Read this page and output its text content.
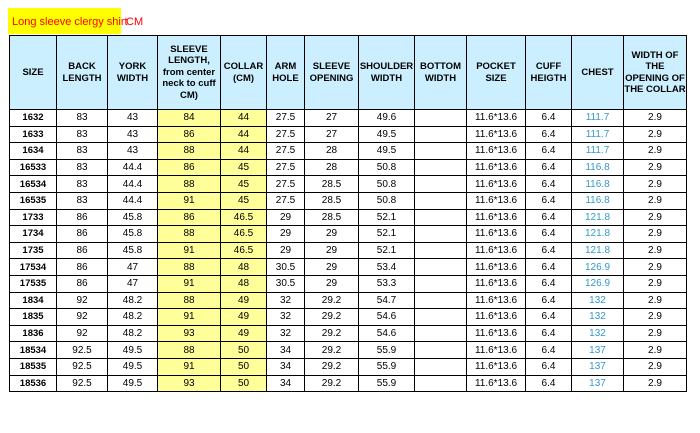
Long sleeve clergy shirt
CM
SIZE	BACK LENGTH	YORK WIDTH	SLEEVE LENGTH, from center neck to cuff CM)	COLLAR (CM)	ARM HOLE	SLEEVE OPENING	SHOULDER WIDTH	BOTTOM WIDTH	POCKET SIZE	CUFF HEIGTH	CHEST	WIDTH OF THE OPENING OF THE COLLAR
1632	83	43	84	44	27.5	27	49.6		11.6*13.6	6.4	111.7	2.9
1633	83	43	86	44	27.5	27	49.5		11.6*13.6	6.4	111.7	2.9
1634	83	43	88	44	27.5	28	49.5		11.6*13.6	6.4	111.7	2.9
16533	83	44.4	86	45	27.5	28	50.8		11.6*13.6	6.4	116.8	2.9
16534	83	44.4	88	45	27.5	28.5	50.8		11.6*13.6	6.4	116.8	2.9
16535	83	44.4	91	45	27.5	28.5	50.8		11.6*13.6	6.4	116.8	2.9
1733	86	45.8	86	46.5	29	28.5	52.1		11.6*13.6	6.4	121.8	2.9
1734	86	45.8	88	46.5	29	29	52.1		11.6*13.6	6.4	121.8	2.9
1735	86	45.8	91	46.5	29	29	52.1		11.6*13.6	6.4	121.8	2.9
17534	86	47	88	48	30.5	29	53.4		11.6*13.6	6.4	126.9	2.9
17535	86	47	91	48	30.5	29	53.3		11.6*13.6	6.4	126.9	2.9
1834	92	48.2	88	49	32	29.2	54.7		11.6*13.6	6.4	132	2.9
1835	92	48.2	91	49	32	29.2	54.6		11.6*13.6	6.4	132	2.9
1836	92	48.2	93	49	32	29.2	54.6		11.6*13.6	6.4	132	2.9
18534	92.5	49.5	88	50	34	29.2	55.9		11.6*13.6	6.4	137	2.9
18535	92.5	49.5	91	50	34	29.2	55.9		11.6*13.6	6.4	137	2.9
18536	92.5	49.5	93	50	34	29.2	55.9		11.6*13.6	6.4	137	2.9
